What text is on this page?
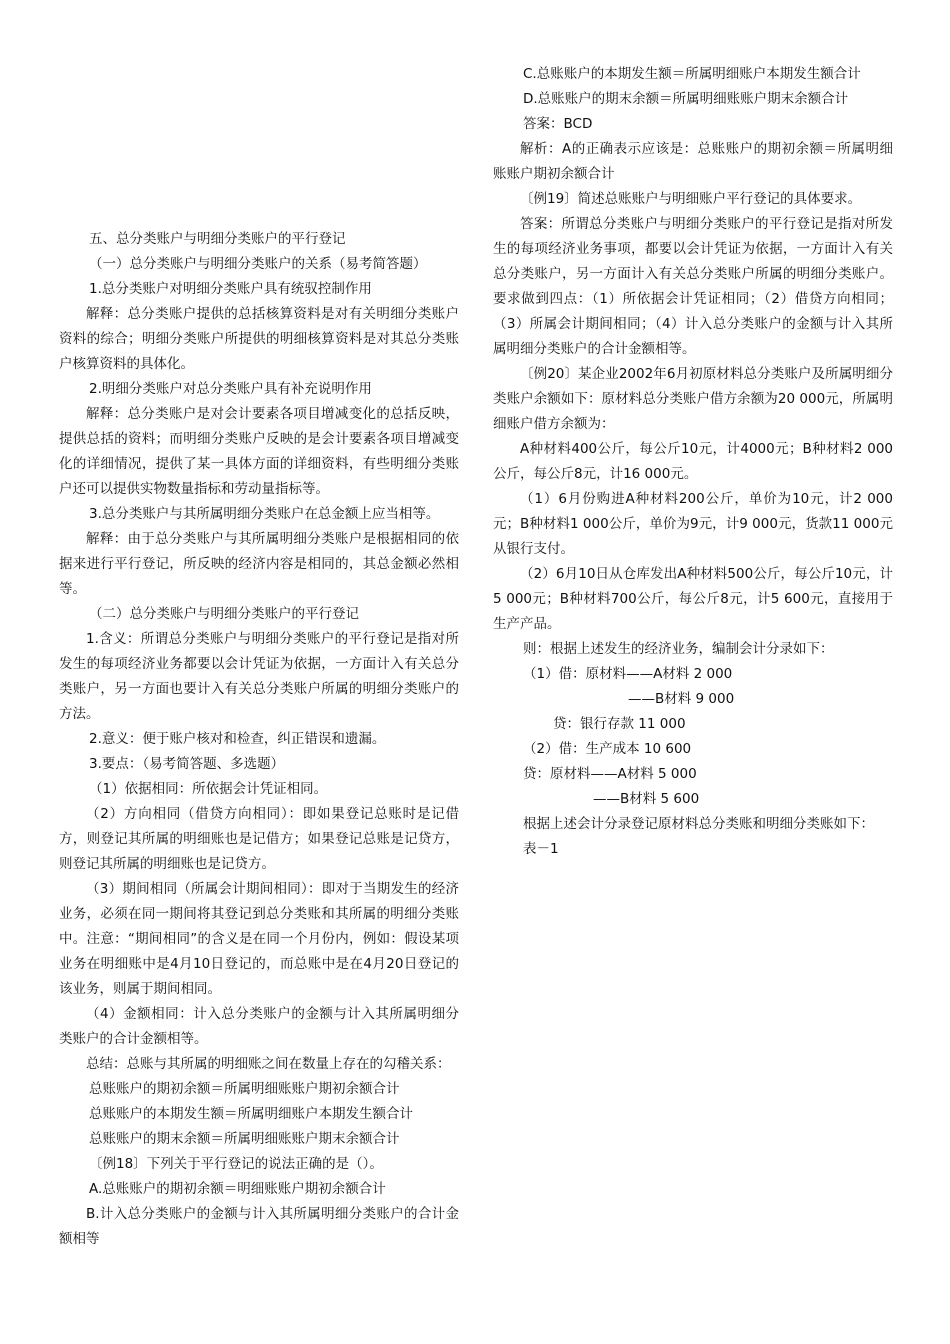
五、总分类账户与明细分类账户的平行登记

（一）总分类账户与明细分类账户的关系（易考简答题）

1.总分类账户对明细分类账户具有统驭控制作用

解释：总分类账户提供的总括核算资料是对有关明细分类账户资料的综合；明细分类账户所提供的明细核算资料是对其总分类账户核算资料的具体化。

2.明细分类账户对总分类账户具有补充说明作用

解释：总分类账户是对会计要素各项目增减变化的总括反映，提供总括的资料；而明细分类账户反映的是会计要素各项目增减变化的详细情况，提供了某一具体方面的详细资料，有些明细分类账户还可以提供实物数量指标和劳动量指标等。

3.总分类账户与其所属明细分类账户在总金额上应当相等。

解释：由于总分类账户与其所属明细分类账户是根据相同的依据来进行平行登记，所反映的经济内容是相同的，其总金额必然相等。

（二）总分类账户与明细分类账户的平行登记

1.含义：所谓总分类账户与明细分类账户的平行登记是指对所发生的每项经济业务都要以会计凭证为依据，一方面计入有关总分类账户，另一方面也要计入有关总分类账户所属的明细分类账户的方法。

2.意义：便于账户核对和检查，纠正错误和遗漏。

3.要点：（易考简答题、多选题）

（1）依据相同：所依据会计凭证相同。

（2）方向相同（借贷方向相同）：即如果登记总账时是记借方，则登记其所属的明细账也是记借方；如果登记总账是记贷方，则登记其所属的明细账也是记贷方。

（3）期间相同（所属会计期间相同）：即对于当期发生的经济业务，必须在同一期间将其登记到总分类账和其所属的明细分类账中。注意：“期间相同”的含义是在同一个月份内，例如：假设某项业务在明细账中是4月10日登记的，而总账中是在4月20日登记的该业务，则属于期间相同。

（4）金额相同：计入总分类账户的金额与计入其所属明细分类账户的合计金额相等。

总结：总账与其所属的明细账之间在数量上存在的勾稽关系：

总账账户的期初余额＝所属明细账账户期初余额合计

总账账户的本期发生额＝所属明细账户本期发生额合计

总账账户的期末余额＝所属明细账账户期末余额合计

〔例18〕下列关于平行登记的说法正确的是（）。

A.总账账户的期初余额＝明细账账户期初余额合计

B.计入总分类账户的金额与计入其所属明细分类账户的合计金额相等

C.总账账户的本期发生额＝所属明细账户本期发生额合计

D.总账账户的期末余额＝所属明细账账户期末余额合计

答案：BCD

解析：A的正确表示应该是：总账账户的期初余额＝所属明细账账户期初余额合计

〔例19〕简述总账账户与明细账户平行登记的具体要求。

答案：所谓总分类账户与明细分类账户的平行登记是指对所发生的每项经济业务事项，都要以会计凭证为依据，一方面计入有关总分类账户，另一方面计入有关总分类账户所属的明细分类账户。要求做到四点：（1）所依据会计凭证相同；（2）借贷方向相同；（3）所属会计期间相同；（4）计入总分类账户的金额与计入其所属明细分类账户的合计金额相等。

〔例20〕某企业2002年6月初原材料总分类账户及所属明细分类账户余额如下：原材料总分类账户借方余额为20 000元，所属明细账户借方余额为：

A种材料400公斤，每公斤10元，计4000元；B种材料2 000公斤，每公斤8元，计16 000元。

（1）6月份购进A种材料200公斤，单价为10元，计2 000元；B种材料1 000公斤，单价为9元，计9 000元，货款11 000元从银行支付。

（2）6月10日从仓库发出A种材料500公斤，每公斤10元，计5 000元；B种材料700公斤，每公斤8元，计5 600元，直接用于生产产品。

则：根据上述发生的经济业务，编制会计分录如下：

（1）借：原材料——A材料 2 000

——B材料 9 000

贷：银行存款 11 000

（2）借：生产成本 10 600

贷：原材料——A材料 5 000

——B材料 5 600

根据上述会计分录登记原材料总分类账和明细分类账如下：

表－1
